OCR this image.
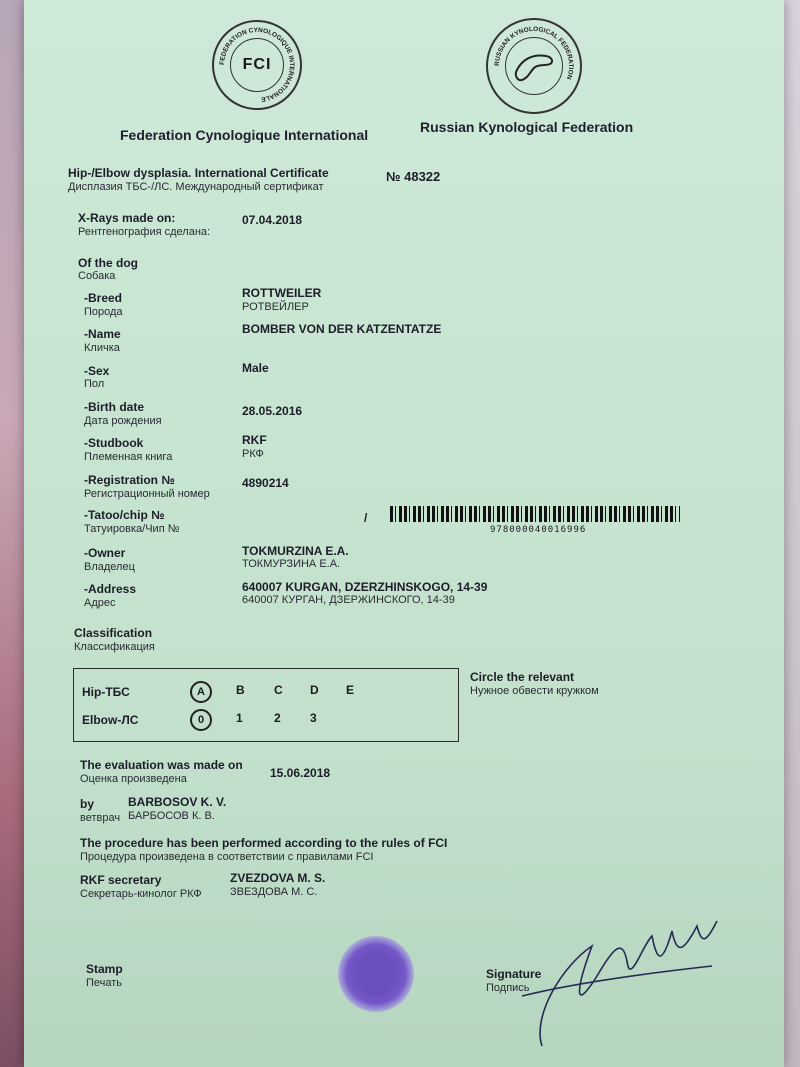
FEDERATION CYNOLOGIQUE INTERNATIONALE
FCI
Federation Cynologique International
RUSSIAN KYNOLOGICAL FEDERATION
Russian Kynological Federation
Hip-/Elbow dysplasia. International Certificate
Дисплазия ТБС-/ЛС. Международный сертификат
№ 48322
X-Rays made on:
Рентгенография сделана:
07.04.2018
Of the dog
Собака
-Breed
Порода
ROTTWEILER
РОТВЕЙЛЕР
-Name
Кличка
BOMBER VON DER KATZENTATZE
-Sex
Пол
Male
-Birth date
Дата рождения
28.05.2016
-Studbook
Племенная книга
RKF
РКФ
-Registration №
Регистрационный номер
4890214
-Tatoo/chip №
Татуировка/Чип №
/
978000040016996
-Owner
Владелец
TOKMURZINA E.A.
ТОКМУРЗИНА Е.А.
-Address
Адрес
640007 KURGAN, DZERZHINSKOGO, 14-39
640007 КУРГАН, ДЗЕРЖИНСКОГО, 14-39
Classification
Классификация
Hip-ТБС	A	B C D E
Elbow-ЛС	0	1	2 3
Circle the relevant
Нужное обвести кружком
The evaluation was made on
Оценка произведена	15.06.2018
by
ветврач
BARBOSOV K. V.
БАРБОСОВ К. В.
The procedure has been performed according to the rules of FCI
Процедура произведена в соответствии с правилами FCI
RKF secretary
Секретарь-кинолог РКФ
ZVEZDOVA M. S.
ЗВЕЗДОВА М. С.
Stamp
Печать
Signature
Подпись
